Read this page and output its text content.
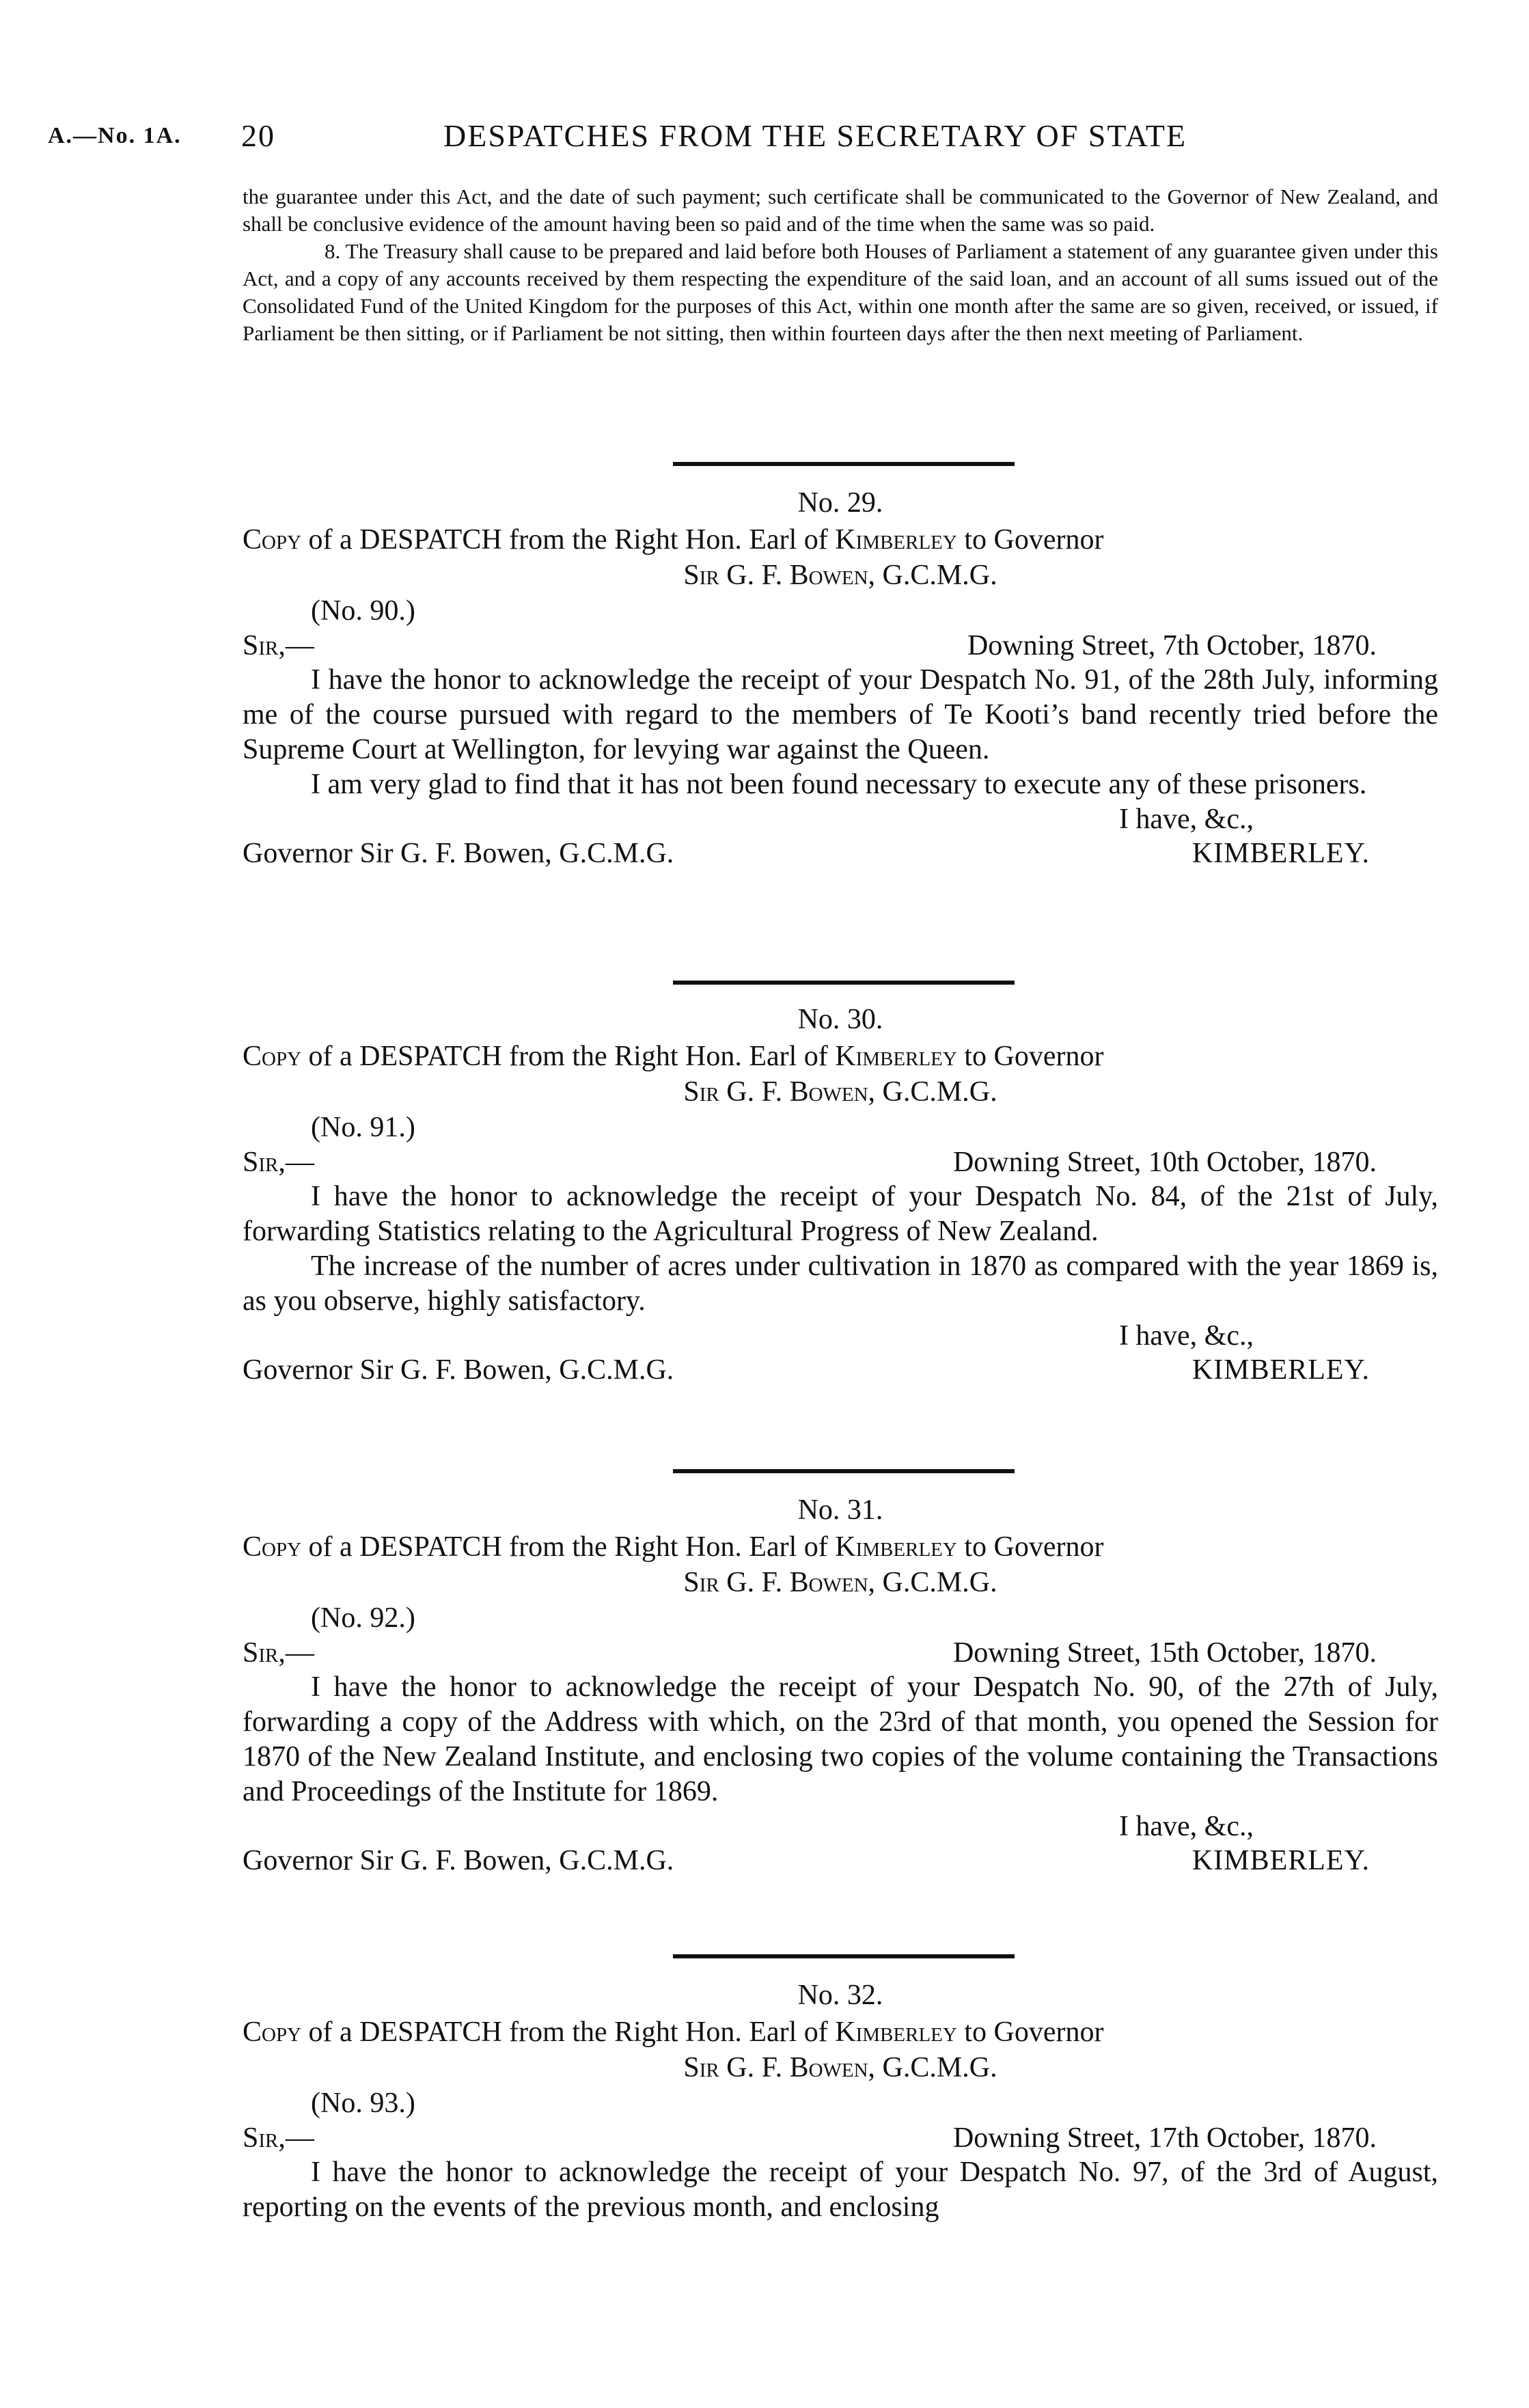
A.—No. 1A. 20	DESPATCHES FROM THE SECRETARY OF STATE

the guarantee under this Act, and the date of such payment; such certificate shall be communicated to the Governor of New Zealand, and shall be conclusive evidence of the amount having been so paid and of the time when the same was so paid.

8. The Treasury shall cause to be prepared and laid before both Houses of Parliament a statement of any guarantee given under this Act, and a copy of any accounts received by them respecting the expenditure of the said loan, and an account of all sums issued out of the Consolidated Fund of the United Kingdom for the purposes of this Act, within one month after the same are so given, received, or issued, if Parliament be then sitting, or if Parliament be not sitting, then within fourteen days after the then next meeting of Parliament.

No. 29.
Copy of a DESPATCH from the Right Hon. Earl of Kimberley to Governor
Sir G. F. Bowen, G.C.M.G.
(No. 90.)
Sir,—	Downing Street, 7th October, 1870.

I have the honor to acknowledge the receipt of your Despatch No. 91, of the 28th July, informing me of the course pursued with regard to the members of Te Kooti’s band recently tried before the Supreme Court at Wellington, for levying war against the Queen.

I am very glad to find that it has not been found necessary to execute any of these prisoners.

I have, &c.,
Governor Sir G. F. Bowen, G.C.M.G.	KIMBERLEY.
No. 30.
Copy of a DESPATCH from the Right Hon. Earl of Kimberley to Governor
Sir G. F. Bowen, G.C.M.G.
(No. 91.)
Sir,—	Downing Street, 10th October, 1870.

I have the honor to acknowledge the receipt of your Despatch No. 84, of the 21st of July, forwarding Statistics relating to the Agricultural Progress of New Zealand.

The increase of the number of acres under cultivation in 1870 as compared with the year 1869 is, as you observe, highly satisfactory.

I have, &c.,
Governor Sir G. F. Bowen, G.C.M.G.	KIMBERLEY.
No. 31.
Copy of a DESPATCH from the Right Hon. Earl of Kimberley to Governor
Sir G. F. Bowen, G.C.M.G.
(No. 92.)
Sir,—	Downing Street, 15th October, 1870.

I have the honor to acknowledge the receipt of your Despatch No. 90, of the 27th of July, forwarding a copy of the Address with which, on the 23rd of that month, you opened the Session for 1870 of the New Zealand Institute, and enclosing two copies of the volume containing the Transactions and Proceedings of the Institute for 1869.

I have, &c.,
Governor Sir G. F. Bowen, G.C.M.G.	KIMBERLEY.
No. 32.
Copy of a DESPATCH from the Right Hon. Earl of Kimberley to Governor
Sir G. F. Bowen, G.C.M.G.
(No. 93.)
Sir,—	Downing Street, 17th October, 1870.

I have the honor to acknowledge the receipt of your Despatch No. 97, of the 3rd of August, reporting on the events of the previous month, and enclosing
